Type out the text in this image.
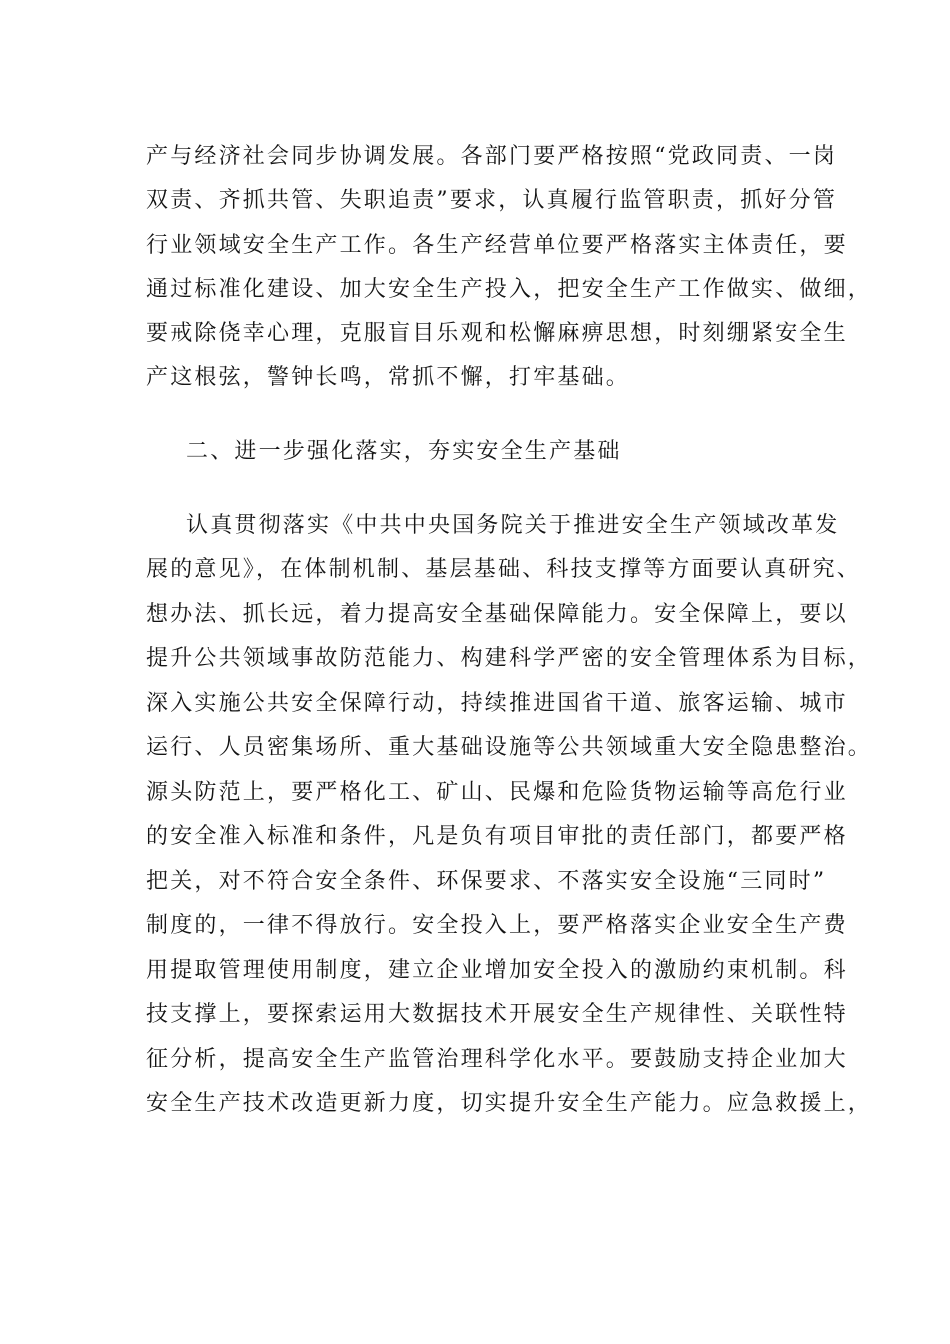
产与经济社会同步协调发展。各部门要严格按照“党政同责、一岗
双责、齐抓共管、失职追责”要求，认真履行监管职责，抓好分管
行业领域安全生产工作。各生产经营单位要严格落实主体责任，要
通过标准化建设、加大安全生产投入，把安全生产工作做实、做细，
要戒除侥幸心理，克服盲目乐观和松懈麻痹思想，时刻绷紧安全生
产这根弦，警钟长鸣，常抓不懈，打牢基础。
二、进一步强化落实，夯实安全生产基础
认真贯彻落实《中共中央国务院关于推进安全生产领域改革发
展的意见》，在体制机制、基层基础、科技支撑等方面要认真研究、
想办法、抓长远，着力提高安全基础保障能力。安全保障上，要以
提升公共领域事故防范能力、构建科学严密的安全管理体系为目标，
深入实施公共安全保障行动，持续推进国省干道、旅客运输、城市
运行、人员密集场所、重大基础设施等公共领域重大安全隐患整治。
源头防范上，要严格化工、矿山、民爆和危险货物运输等高危行业
的安全准入标准和条件，凡是负有项目审批的责任部门，都要严格
把关，对不符合安全条件、环保要求、不落实安全设施“三同时”
制度的，一律不得放行。安全投入上，要严格落实企业安全生产费
用提取管理使用制度，建立企业增加安全投入的激励约束机制。科
技支撑上，要探索运用大数据技术开展安全生产规律性、关联性特
征分析，提高安全生产监管治理科学化水平。要鼓励支持企业加大
安全生产技术改造更新力度，切实提升安全生产能力。应急救援上，
